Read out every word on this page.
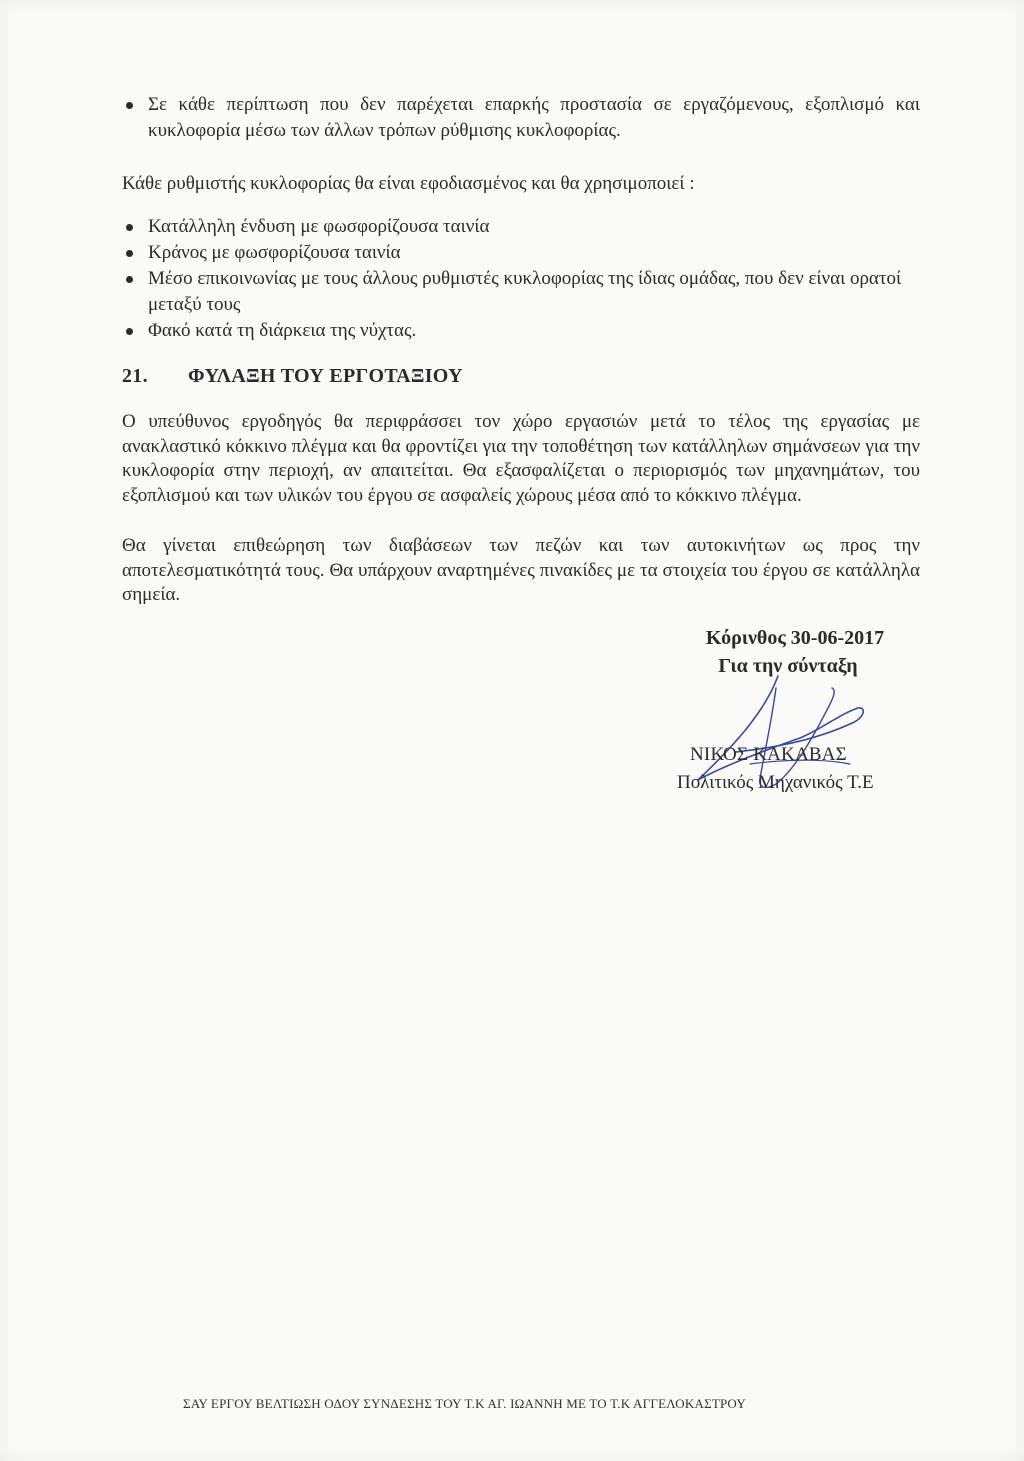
Σε κάθε περίπτωση που δεν παρέχεται επαρκής προστασία σε εργαζόμενους, εξοπλισμό και κυκλοφορία μέσω των άλλων τρόπων ρύθμισης κυκλοφορίας.
Κάθε ρυθμιστής κυκλοφορίας θα είναι εφοδιασμένος και θα χρησιμοποιεί :
Κατάλληλη ένδυση με φωσφορίζουσα ταινία
Κράνος με φωσφορίζουσα ταινία
Μέσο επικοινωνίας με τους άλλους ρυθμιστές κυκλοφορίας της ίδιας ομάδας, που δεν είναι ορατοί μεταξύ τους
Φακό κατά τη διάρκεια της νύχτας.
21. ΦΥΛΑΞΗ ΤΟΥ ΕΡΓΟΤΑΞΙΟΥ
Ο υπεύθυνος εργοδηγός θα περιφράσσει τον χώρο εργασιών μετά το τέλος της εργασίας με ανακλαστικό κόκκινο πλέγμα και θα φροντίζει για την τοποθέτηση των κατάλληλων σημάνσεων για την κυκλοφορία στην περιοχή, αν απαιτείται. Θα εξασφαλίζεται ο περιορισμός των μηχανημάτων, του εξοπλισμού και των υλικών του έργου σε ασφαλείς χώρους μέσα από το κόκκινο πλέγμα.
Θα γίνεται επιθεώρηση των διαβάσεων των πεζών και των αυτοκινήτων ως προς την αποτελεσματικότητά τους. Θα υπάρχουν αναρτημένες πινακίδες με τα στοιχεία του έργου σε κατάλληλα σημεία.
Κόρινθος 30-06-2017
Για την σύνταξη
ΝΙΚΟΣ ΚΑΚΑΒΑΣ
Πολιτικός Μηχανικός Τ.Ε
ΣΑΥ ΕΡΓΟΥ ΒΕΛΤΙΩΣΗ ΟΔΟΥ ΣΥΝΔΕΣΗΣ ΤΟΥ Τ.Κ ΑΓ. ΙΩΑΝΝΗ ΜΕ ΤΟ Τ.Κ ΑΓΓΕΛΟΚΑΣΤΡΟΥ
